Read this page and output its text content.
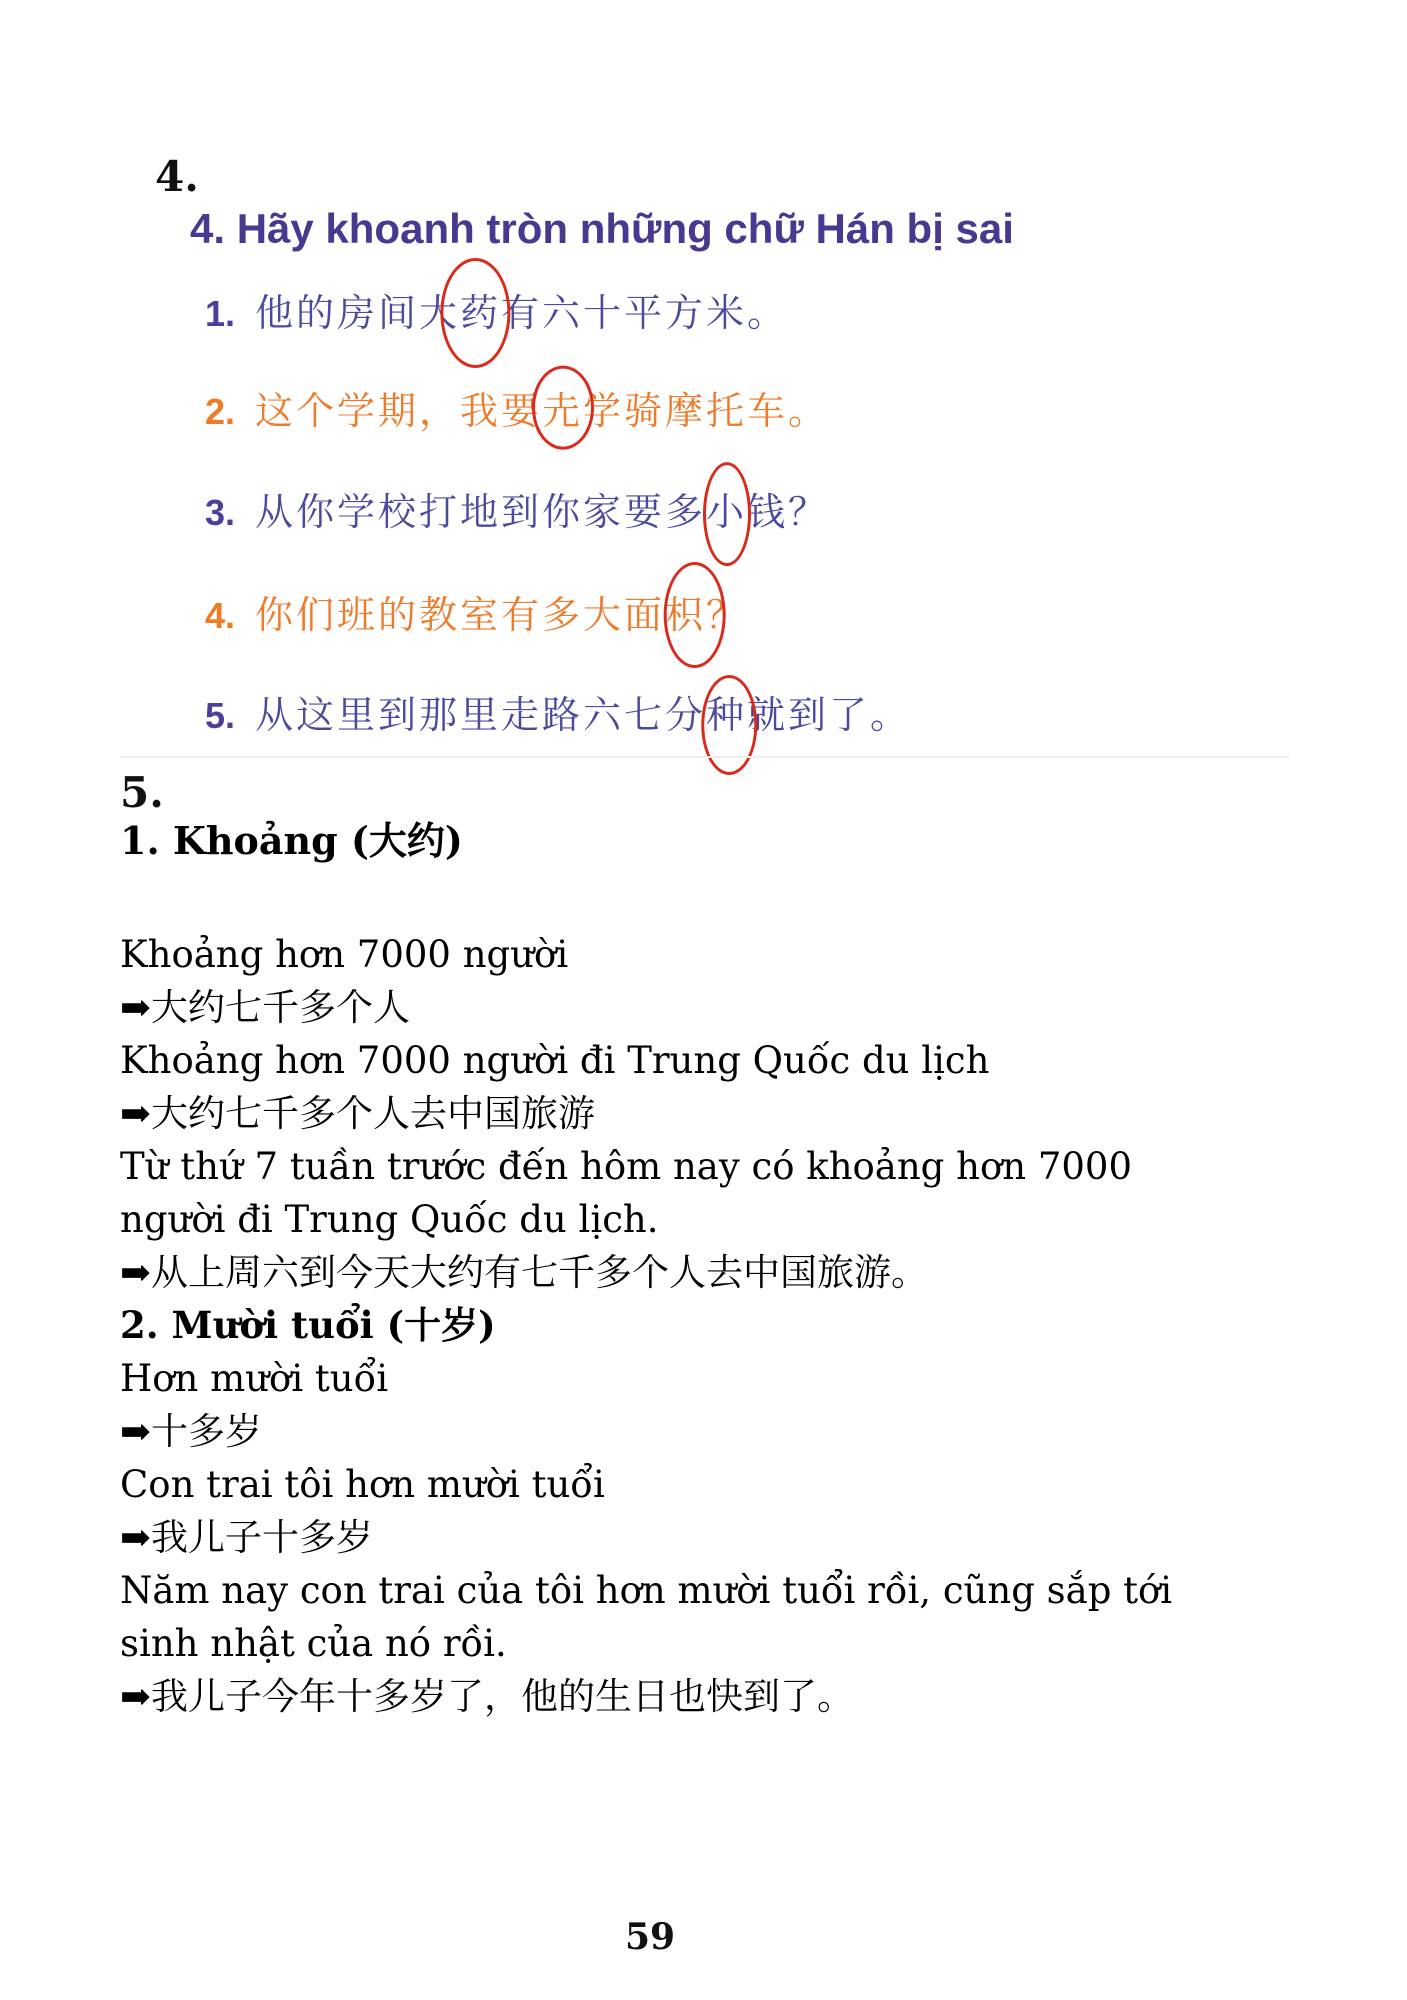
4.
4. Hãy khoanh tròn những chữ Hán bị sai
1. 他的房间大药
有六十平方米。
2. 这个学期，我要圥
学骑摩托车。
3. 从你学校打地到你家要多小
钱？
4. 你们班的教室有多大面枳
？
5. 从这里到那里走路六七分种
就到了。
5.
1. Khoảng (大约)
Khoảng hơn 7000 người
➡大约七千多个人
Khoảng hơn 7000 người đi Trung Quốc du lịch
➡大约七千多个人去中国旅游
Từ thứ 7 tuần trước đến hôm nay có khoảng hơn 7000
người đi Trung Quốc du lịch.
➡从上周六到今天大约有七千多个人去中国旅游。
2. Mười tuổi (十岁)
Hơn mười tuổi
➡十多岁
Con trai tôi hơn mười tuổi
➡我儿子十多岁
Năm nay con trai của tôi hơn mười tuổi rồi, cũng sắp tới
sinh nhật của nó rồi.
➡我儿子今年十多岁了，他的生日也快到了。
59
